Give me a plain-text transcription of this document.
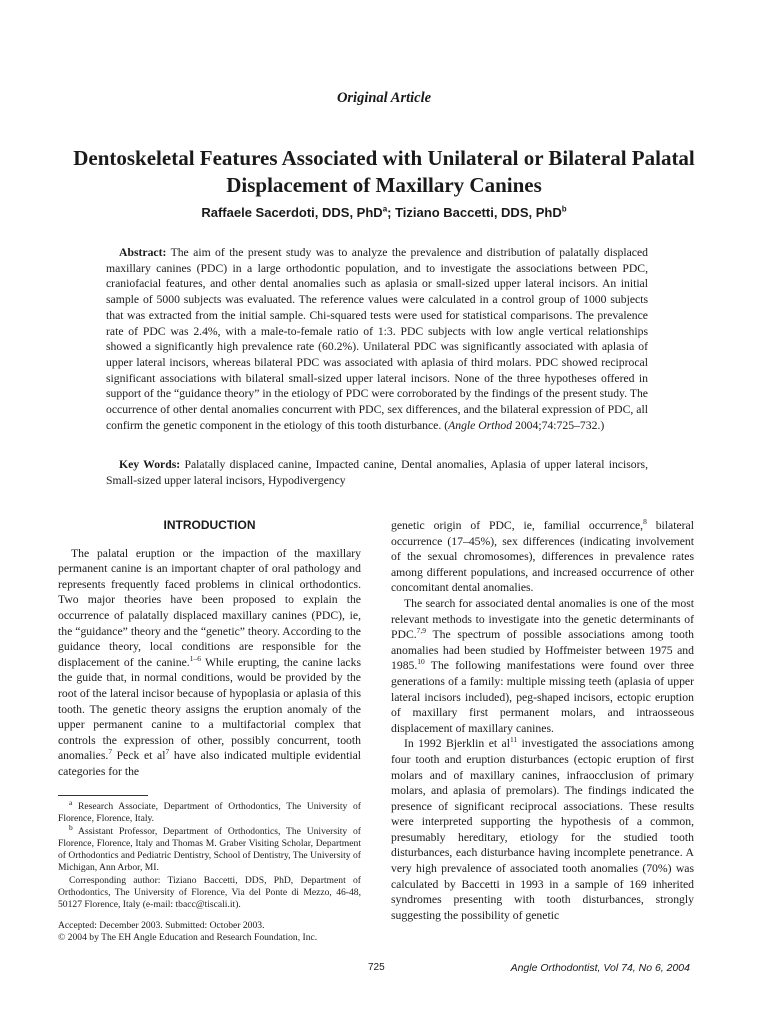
Original Article
Dentoskeletal Features Associated with Unilateral or Bilateral Palatal Displacement of Maxillary Canines
Raffaele Sacerdoti, DDS, PhD$^a$; Tiziano Baccetti, DDS, PhD$^b$

Abstract: The aim of the present study was to analyze the prevalence and distribution of palatally displaced maxillary canines (PDC) in a large orthodontic population, and to investigate the associations between PDC, craniofacial features, and other dental anomalies such as aplasia or small-sized upper lateral incisors. An initial sample of 5000 subjects was evaluated. The reference values were calculated in a control group of 1000 subjects that was extracted from the initial sample. Chi-squared tests were used for statistical comparisons. The prevalence rate of PDC was 2.4%, with a male-to-female ratio of 1:3. PDC subjects with low angle vertical relationships showed a significantly high prevalence rate (60.2%). Unilateral PDC was significantly associated with aplasia of upper lateral incisors, whereas bilateral PDC was associated with aplasia of third molars. PDC showed reciprocal significant associations with bilateral small-sized upper lateral incisors. None of the three hypotheses offered in support of the “guidance theory” in the etiology of PDC were corroborated by the findings of the present study. The occurrence of other dental anomalies concurrent with PDC, sex differences, and the bilateral expression of PDC, all confirm the genetic component in the etiology of this tooth disturbance. (Angle Orthod 2004;74:725–732.)

Key Words: Palatally displaced canine, Impacted canine, Dental anomalies, Aplasia of upper lateral incisors, Small-sized upper lateral incisors, Hypodivergency

INTRODUCTION

The palatal eruption or the impaction of the maxillary permanent canine is an important chapter of oral pathology and represents frequently faced problems in clinical orthodontics. Two major theories have been proposed to explain the occurrence of palatally displaced maxillary canines (PDC), ie, the “guidance” theory and the “genetic” theory. According to the guidance theory, local conditions are responsible for the displacement of the canine.$^{1-6}$ While erupting, the canine lacks the guide that, in normal conditions, would be provided by the root of the lateral incisor because of hypoplasia or aplasia of this tooth. The genetic theory assigns the eruption anomaly of the upper permanent canine to a multifactorial complex that controls the expression of other, possibly concurrent, tooth anomalies.$^7$ Peck et $al^7$ have also indicated multiple evidential categories for the

$^a$ Research Associate, Department of Orthodontics, The University of Florence, Florence, Italy.

$^b$ Assistant Professor, Department of Orthodontics, The University of Florence, Florence, Italy and Thomas M. Graber Visiting Scholar, Department of Orthodontics and Pediatric Dentistry, School of Dentistry, The University of Michigan, Ann Arbor, MI.

Corresponding author: Tiziano Baccetti, DDS, PhD, Department of Orthodontics, The University of Florence, Via del Ponte di Mezzo, 46-48, 50127 Florence, Italy (e-mail: tbacc@tiscali.it).

Accepted: December 2003. Submitted: October 2003.

© 2004 by The EH Angle Education and Research Foundation, Inc.

genetic origin of PDC, ie, familial occurrence,$^8$ bilateral occurrence (17–45%), sex differences (indicating involvement of the sexual chromosomes), differences in prevalence rates among different populations, and increased occurrence of other concomitant dental anomalies.

The search for associated dental anomalies is one of the most relevant methods to investigate into the genetic determinants of PDC.$^{7,9}$ The spectrum of possible associations among tooth anomalies had been studied by Hoffmeister between 1975 and 1985.10 The following manifestations were found over three generations of a family: multiple missing teeth (aplasia of upper lateral incisors included), peg-shaped incisors, ectopic eruption of maxillary first permanent molars, and intraosseous displacement of maxillary canines.

In 1992 Bjerklin et $al^{11}$ investigated the associations among four tooth and eruption disturbances (ectopic eruption of first molars and of maxillary canines, infraocclusion of primary molars, and aplasia of premolars). The findings indicated the presence of significant reciprocal associations. These results were interpreted supporting the hypothesis of a common, presumably hereditary, etiology for the studied tooth disturbances, each disturbance having incomplete penetrance. A very high prevalence of associated tooth anomalies (70%) was calculated by Baccetti in 1993 in a sample of 169 inherited syndromes presenting with tooth disturbances, strongly suggesting the possibility of genetic

725	Angle Orthodontist, Vol 74, No 6, 2004
